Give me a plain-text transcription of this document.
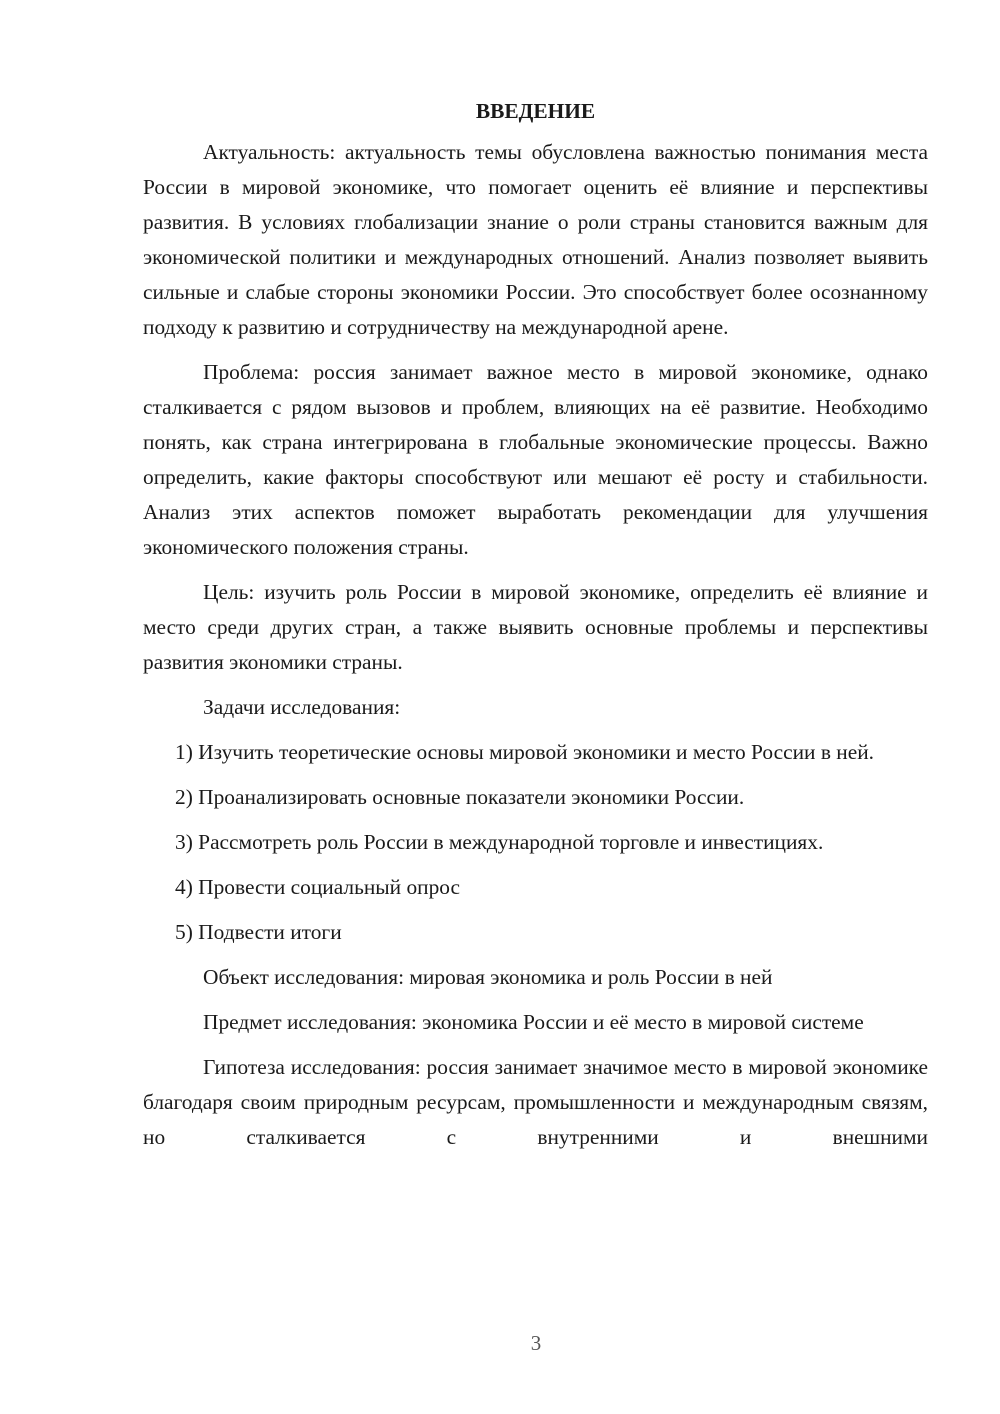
ВВЕДЕНИЕ

Актуальность: актуальность темы обусловлена важностью понимания места России в мировой экономике, что помогает оценить её влияние и перспективы развития. В условиях глобализации знание о роли страны становится важным для экономической политики и международных отношений. Анализ позволяет выявить сильные и слабые стороны экономики России. Это способствует более осознанному подходу к развитию и сотрудничеству на международной арене.

Проблема: россия занимает важное место в мировой экономике, однако сталкивается с рядом вызовов и проблем, влияющих на её развитие. Необходимо понять, как страна интегрирована в глобальные экономические процессы. Важно определить, какие факторы способствуют или мешают её росту и стабильности. Анализ этих аспектов поможет выработать рекомендации для улучшения экономического положения страны.

Цель: изучить роль России в мировой экономике, определить её влияние и место среди других стран, а также выявить основные проблемы и перспективы развития экономики страны.

Задачи исследования:

1) Изучить теоретические основы мировой экономики и место России в ней.

2) Проанализировать основные показатели экономики России.

3) Рассмотреть роль России в международной торговле и инвестициях.

4) Провести социальный опрос

5) Подвести итоги

Объект исследования: мировая экономика и роль России в ней

Предмет исследования: экономика России и её место в мировой системе

Гипотеза исследования: россия занимает значимое место в мировой экономике благодаря своим природным ресурсам, промышленности и международным связям, но сталкивается с внутренними и внешними

3
